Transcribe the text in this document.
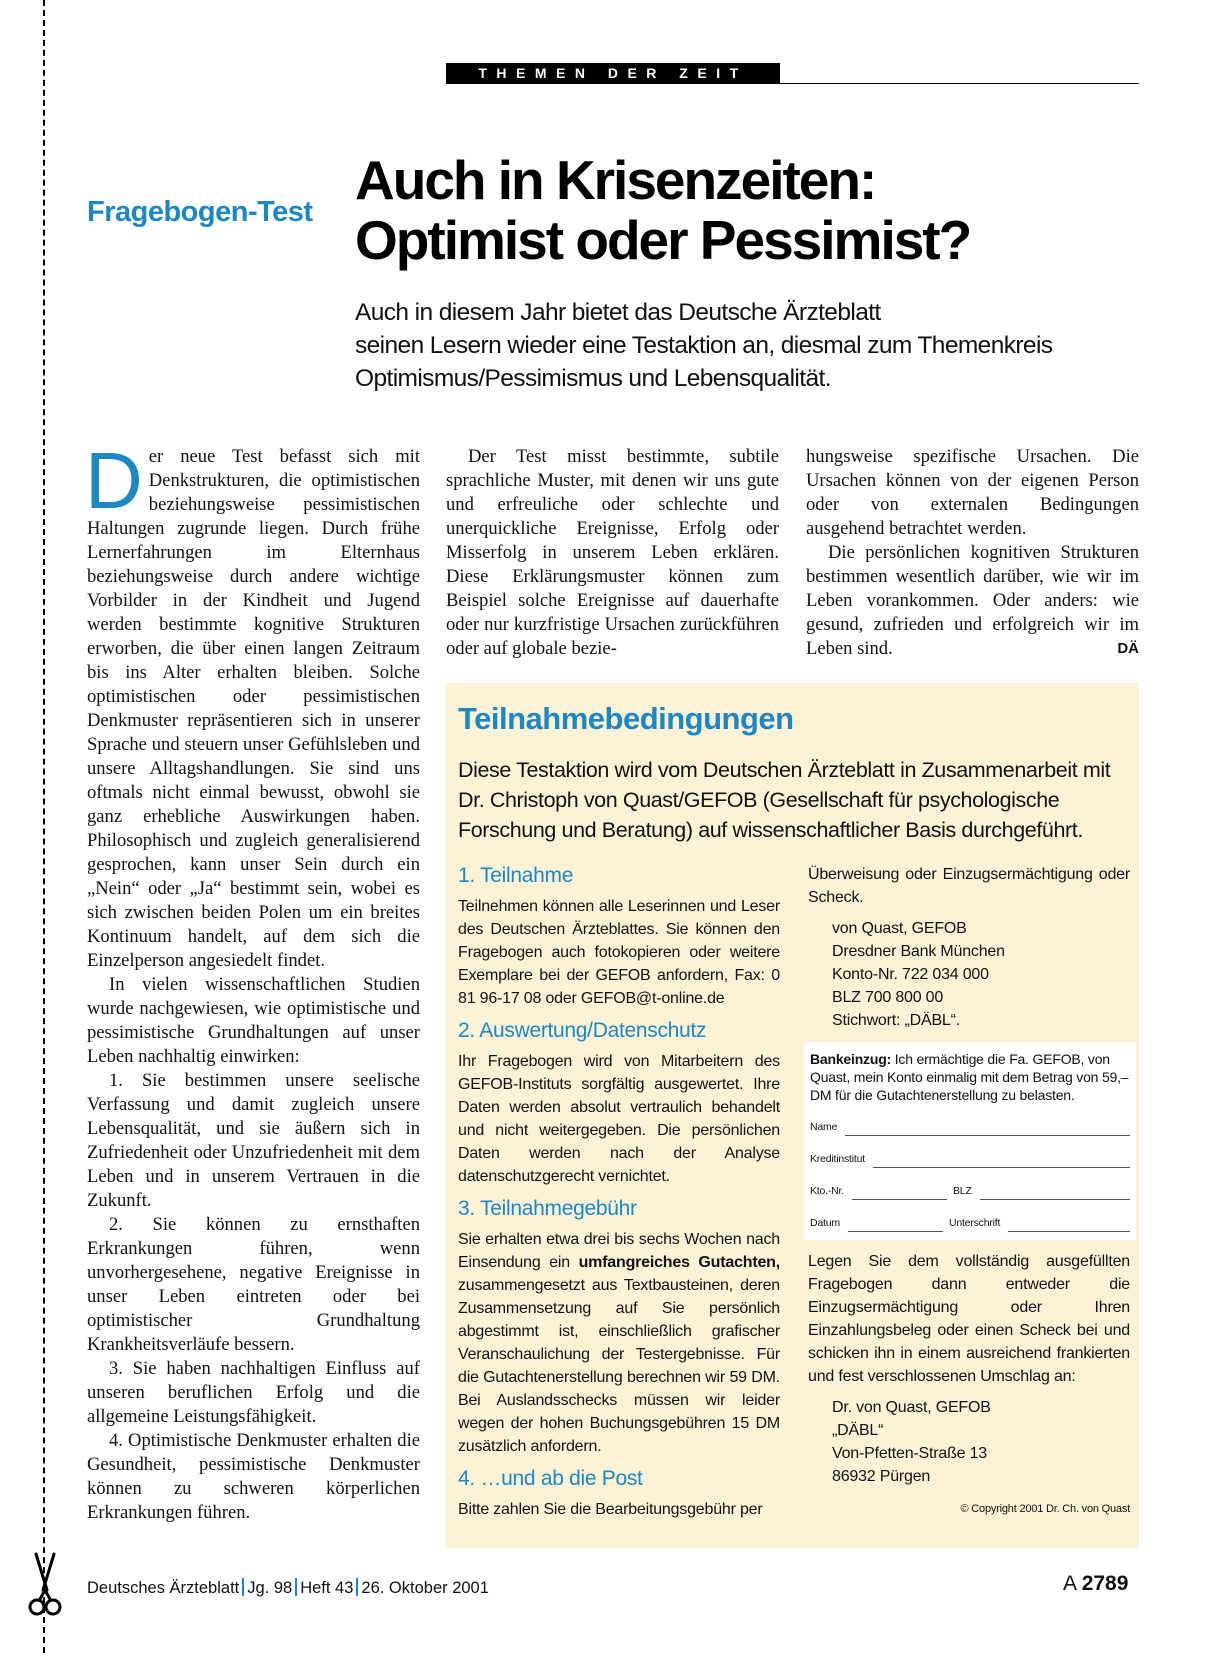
THEMEN DER ZEIT
Fragebogen-Test
Auch in Krisenzeiten:
Optimist oder Pessimist?
Auch in diesem Jahr bietet das Deutsche Ärzteblatt
seinen Lesern wieder eine Testaktion an, diesmal zum Themenkreis
Optimismus/Pessimismus und Lebensqualität.

Der neue Test befasst sich mit Denkstrukturen, die optimistischen beziehungsweise pessimistischen Haltungen zugrunde liegen. Durch frühe Lernerfahrungen im Elternhaus beziehungsweise durch andere wichtige Vorbilder in der Kindheit und Jugend werden bestimmte kognitive Strukturen erworben, die über einen langen Zeitraum bis ins Alter erhalten bleiben. Solche optimistischen oder pessimistischen Denkmuster repräsentieren sich in unserer Sprache und steuern unser Gefühlsleben und unsere Alltagshandlungen. Sie sind uns oftmals nicht einmal bewusst, obwohl sie ganz erhebliche Auswirkungen haben. Philosophisch und zugleich generalisierend gesprochen, kann unser Sein durch ein „Nein“ oder „Ja“ bestimmt sein, wobei es sich zwischen beiden Polen um ein breites Kontinuum handelt, auf dem sich die Einzelperson angesiedelt findet.

In vielen wissenschaftlichen Studien wurde nachgewiesen, wie optimistische und pessimistische Grundhaltungen auf unser Leben nachhaltig einwirken:

1. Sie bestimmen unsere seelische Verfassung und damit zugleich unsere Lebensqualität, und sie äußern sich in Zufriedenheit oder Unzufriedenheit mit dem Leben und in unserem Vertrauen in die Zukunft.

2. Sie können zu ernsthaften Erkrankungen führen, wenn unvorhergesehene, negative Ereignisse in unser Leben eintreten oder bei optimistischer Grundhaltung Krankheitsverläufe bessern.

3. Sie haben nachhaltigen Einfluss auf unseren beruflichen Erfolg und die allgemeine Leistungsfähigkeit.

4. Optimistische Denkmuster erhalten die Gesundheit, pessimistische Denkmuster können zu schweren körperlichen Erkrankungen führen.

Der Test misst bestimmte, subtile sprachliche Muster, mit denen wir uns gute und erfreuliche oder schlechte und unerquickliche Ereignisse, Erfolg oder Misserfolg in unserem Leben erklären. Diese Erklärungsmuster können zum Beispiel solche Ereignisse auf dauerhafte oder nur kurzfristige Ursachen zurückführen oder auf globale bezie-

hungsweise spezifische Ursachen. Die Ursachen können von der eigenen Person oder von externalen Bedingungen ausgehend betrachtet werden.

Die persönlichen kognitiven Strukturen bestimmen wesentlich darüber, wie wir im Leben vorankommen. Oder anders: wie gesund, zufrieden und erfolgreich wir im Leben sind.	DÄ

Teilnahmebedingungen
Diese Testaktion wird vom Deutschen Ärzteblatt in Zusammenarbeit mit
Dr. Christoph von Quast/GEFOB (Gesellschaft für psychologische
Forschung und Beratung) auf wissenschaftlicher Basis durchgeführt.
1. Teilnahme

Teilnehmen können alle Leserinnen und Leser des Deutschen Ärzteblattes. Sie können den Fragebogen auch fotokopieren oder weitere Exemplare bei der GEFOB anfordern, Fax: 0 81 96-17 08 oder GEFOB@t-online.de

2. Auswertung/Datenschutz

Ihr Fragebogen wird von Mitarbeitern des GEFOB-Instituts sorgfältig ausgewertet. Ihre Daten werden absolut vertraulich behandelt und nicht weitergegeben. Die persönlichen Daten werden nach der Analyse datenschutzgerecht vernichtet.

3. Teilnahmegebühr

Sie erhalten etwa drei bis sechs Wochen nach Einsendung ein umfangreiches Gutachten, zusammengesetzt aus Textbausteinen, deren Zusammensetzung auf Sie persönlich abgestimmt ist, einschließlich grafischer Veranschaulichung der Testergebnisse. Für die Gutachtenerstellung berechnen wir 59 DM. Bei Auslandsschecks müssen wir leider wegen der hohen Buchungsgebühren 15 DM zusätzlich anfordern.

4. …und ab die Post

Bitte zahlen Sie die Bearbeitungsgebühr per

Überweisung oder Einzugsermächtigung oder Scheck.

von Quast, GEFOB
Dresdner Bank München
Konto-Nr. 722 034 000
BLZ 700 800 00
Stichwort: „DÄBL“.

Bankeinzug: Ich ermächtige die Fa. GEFOB, von Quast, mein Konto einmalig mit dem Betrag von 59,– DM für die Gutachtenerstellung zu belasten.

Name
Kreditinstitut
Kto.-Nr.	BLZ
Datum	Unterschrift

Legen Sie dem vollständig ausgefüllten Fragebogen dann entweder die Einzugsermächtigung oder Ihren Einzahlungsbeleg oder einen Scheck bei und schicken ihn in einem ausreichend frankierten und fest verschlossenen Umschlag an:

Dr. von Quast, GEFOB
„DÄBL“
Von-Pfetten-Straße 13
86932 Pürgen
© Copyright 2001 Dr. Ch. von Quast
Deutsches Ärzteblatt Jg. 98 Heft 43 26. Oktober 2001	A 2789
